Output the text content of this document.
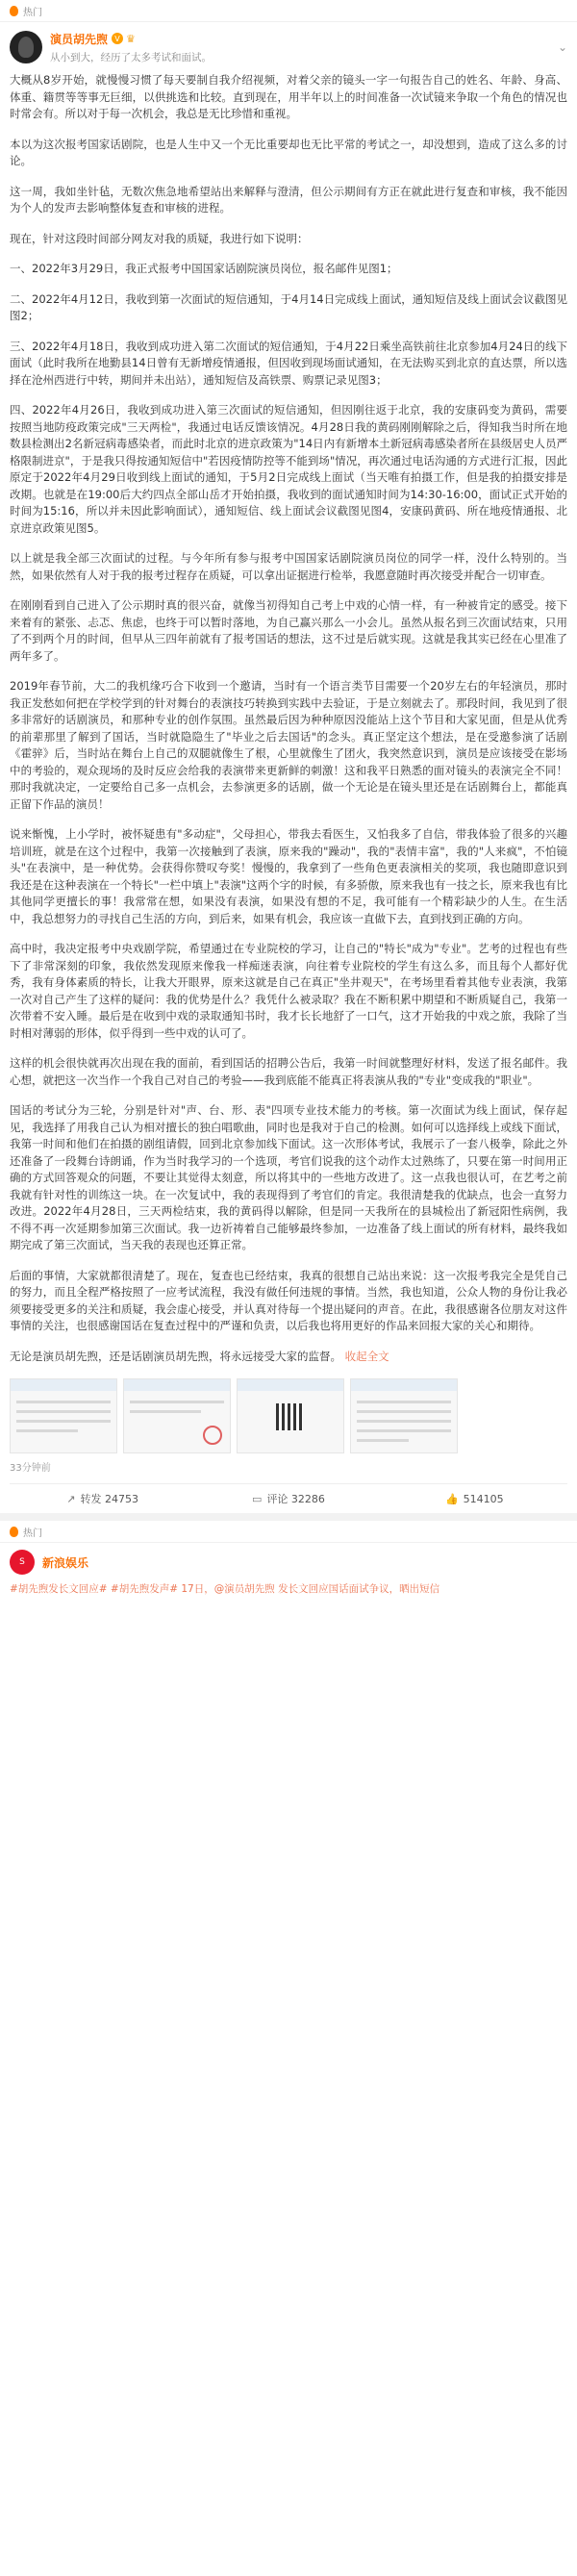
热门
演员胡先煦 V ♛
从小到大，经历了太多考试和面试。
⌄

大概从8岁开始，就慢慢习惯了每天要制自我介绍视频，对着父亲的镜头一字一句报告自己的姓名、年龄、身高、体重、籍贯等等事无巨细，以供挑选和比较。直到现在，用半年以上的时间准备一次试镜来争取一个角色的情况也时常会有。所以对于每一次机会，我总是无比珍惜和重视。

本以为这次报考国家话剧院，也是人生中又一个无比重要却也无比平常的考试之一，却没想到，造成了这么多的讨论。

这一周，我如坐针毡，无数次焦急地希望站出来解释与澄清，但公示期间有方正在就此进行复查和审核，我不能因为个人的发声去影响整体复查和审核的进程。

现在，针对这段时间部分网友对我的质疑，我进行如下说明：

一、2022年3月29日，我正式报考中国国家话剧院演员岗位，报名邮件见图1；

二、2022年4月12日，我收到第一次面试的短信通知，于4月14日完成线上面试，通知短信及线上面试会议截图见图2；

三、2022年4月18日，我收到成功进入第二次面试的短信通知，于4月22日乘坐高铁前往北京参加4月24日的线下面试（此时我所在地勤县14日曾有无新增疫情通报，但因收到现场面试通知，在无法购买到北京的直达票，所以选择在沧州西进行中转，期间并未出站），通知短信及高铁票、购票记录见图3；

四、2022年4月26日，我收到成功进入第三次面试的短信通知，但因刚往返于北京，我的安康码变为黄码，需要按照当地防疫政策完成"三天两检"，我通过电话反馈该情况。4月28日我的黄码刚刚解除之后，得知我当时所在地数县检测出2名新冠病毒感染者，而此时北京的进京政策为"14日内有新增本土新冠病毒感染者所在县级居史人员严格限制进京"，于是我只得按通知短信中"若因疫情防控等不能到场"情况，再次通过电话沟通的方式进行汇报，因此原定于2022年4月29日收到线上面试的通知，于5月2日完成线上面试（当天唯有拍摄工作，但是我的拍摄安排是改期。也就是在19:00后大约四点全部山岳才开始拍摄，我收到的面试通知时间为14:30-16:00，面试正式开始的时间为15:16，所以并未因此影响面试），通知短信、线上面试会议截图见图4，安康码黄码、所在地疫情通报、北京进京政策见图5。

以上就是我全部三次面试的过程。与今年所有参与报考中国国家话剧院演员岗位的同学一样，没什么特别的。当然，如果依然有人对于我的报考过程存在质疑，可以拿出证据进行检举，我愿意随时再次接受并配合一切审查。

在刚刚看到自己进入了公示期时真的很兴奋，就像当初得知自己考上中戏的心情一样，有一种被肯定的感受。接下来着有的紧张、忐忑、焦虑，也终于可以暂时落地，为自己赢兴那么一小会儿。虽然从报名到三次面试结束，只用了不到两个月的时间，但早从三四年前就有了报考国话的想法，这不过是后就实现。这就是我其实已经在心里准了两年多了。

2019年春节前，大二的我机缘巧合下收到一个邀请，当时有一个语言类节目需要一个20岁左右的年轻演员，那时我正发愁如何把在学校学到的针对舞台的表演技巧转换到实践中去验证，于是立刻就去了。那段时间，我见到了很多非常好的话剧演员，和那种专业的创作氛围。虽然最后因为种种原因没能站上这个节目和大家见面，但是从优秀的前辈那里了解到了国话，当时就隐隐生了"毕业之后去国话"的念头。真正坚定这个想法，是在受邀参演了话剧《霍骍》后，当时站在舞台上自己的双腿就像生了根，心里就像生了团火，我突然意识到，演员是应该接受在影场中的考验的，观众现场的及时反应会给我的表演带来更新鲜的刺激！这和我平日熟悉的面对镜头的表演完全不同！那时我就决定，一定要给自己多一点机会，去参演更多的话剧，做一个无论是在镜头里还是在话剧舞台上，都能真正留下作品的演员！

说来惭愧，上小学时，被怀疑患有"多动症"，父母担心，带我去看医生，又怕我多了自信，带我体验了很多的兴趣培训班，就是在这个过程中，我第一次接触到了表演，原来我的"躁动"，我的"表情丰富"，我的"人来疯"，不怕镜头"在表演中，是一种优势。会获得你赞叹夸奖！慢慢的，我拿到了一些角色更表演相关的奖项，我也随即意识到我还是在这种表演在一个特长"一栏中填上"表演"这两个字的时候，有多骄傲，原来我也有一技之长，原来我也有比其他同学更擅长的事！我常常在想，如果没有表演，如果没有想的不足，我可能有一个精彩缺少的人生。在生活中，我总想努力的寻找自己生活的方向，到后来，如果有机会，我应该一直做下去，直到找到正确的方向。

高中时，我决定报考中央戏剧学院，希望通过在专业院校的学习，让自己的"特长"成为"专业"。艺考的过程也有些下了非常深刻的印象，我依然发现原来像我一样痴迷表演，向往着专业院校的学生有这么多，而且每个人都好优秀，我有身体素质的特长，让我大开眼界，原来这就是自己在真正"坐井观天"，在考场里看着其他专业表演，我第一次对自己产生了这样的疑问：我的优势是什么？我凭什么被录取？我在不断积累中期望和不断质疑自己，我第一次带着不安入睡。最后是在收到中戏的录取通知书时，我才长长地舒了一口气，这才开始我的中戏之旅，我除了当时相对薄弱的形体，似乎得到一些中戏的认可了。

这样的机会很快就再次出现在我的面前，看到国话的招聘公告后，我第一时间就整理好材料，发送了报名邮件。我心想，就把这一次当作一个我自己对自己的考验——我到底能不能真正将表演从我的"专业"变成我的"职业"。

国话的考试分为三轮，分别是针对"声、台、形、表"四项专业技术能力的考核。第一次面试为线上面试，保存起见，我选择了用我自己认为相对擅长的独白唱歌曲，同时也是我对于自己的检测。如何可以选择线上或线下面试，我第一时间和他们在拍摄的剧组请假，回到北京参加线下面试。这一次形体考试，我展示了一套八极拳，除此之外还准备了一段舞台诗朗诵，作为当时我学习的一个选项，考官们说我的这个动作太过熟练了，只要在第一时间用正确的方式回答观众的问题，不要让其觉得太刻意，所以将其中的一些地方改进了。这一点我也很认可，在艺考之前我就有针对性的训练这一块。在一次复试中，我的表现得到了考官们的肯定。我很清楚我的优缺点，也会一直努力改进。2022年4月28日，三天两检结束，我的黄码得以解除，但是同一天我所在的县城检出了新冠阳性病例，我不得不再一次延期参加第三次面试。我一边祈祷着自己能够最终参加，一边准备了线上面试的所有材料，最终我如期完成了第三次面试，当天我的表现也还算正常。

后面的事情，大家就都很清楚了。现在，复查也已经结束，我真的很想自己站出来说：这一次报考我完全是凭自己的努力，而且全程严格按照了一应考试流程，我没有做任何违规的事情。当然，我也知道，公众人物的身份让我必须要接受更多的关注和质疑，我会虚心接受，并认真对待每一个提出疑问的声音。在此，我很感谢各位朋友对这件事情的关注，也很感谢国话在复查过程中的严谨和负责，以后我也将用更好的作品来回报大家的关心和期待。

无论是演员胡先煦，还是话剧演员胡先煦，将永远接受大家的监督。 收起全文

33分钟前
↗ 转发 24753	▭ 评论 32286	👍 514105
热门
S	新浪娱乐
#胡先煦发长文回应# #胡先煦发声# 17日，@演员胡先煦 发长文回应国话面试争议，晒出短信
